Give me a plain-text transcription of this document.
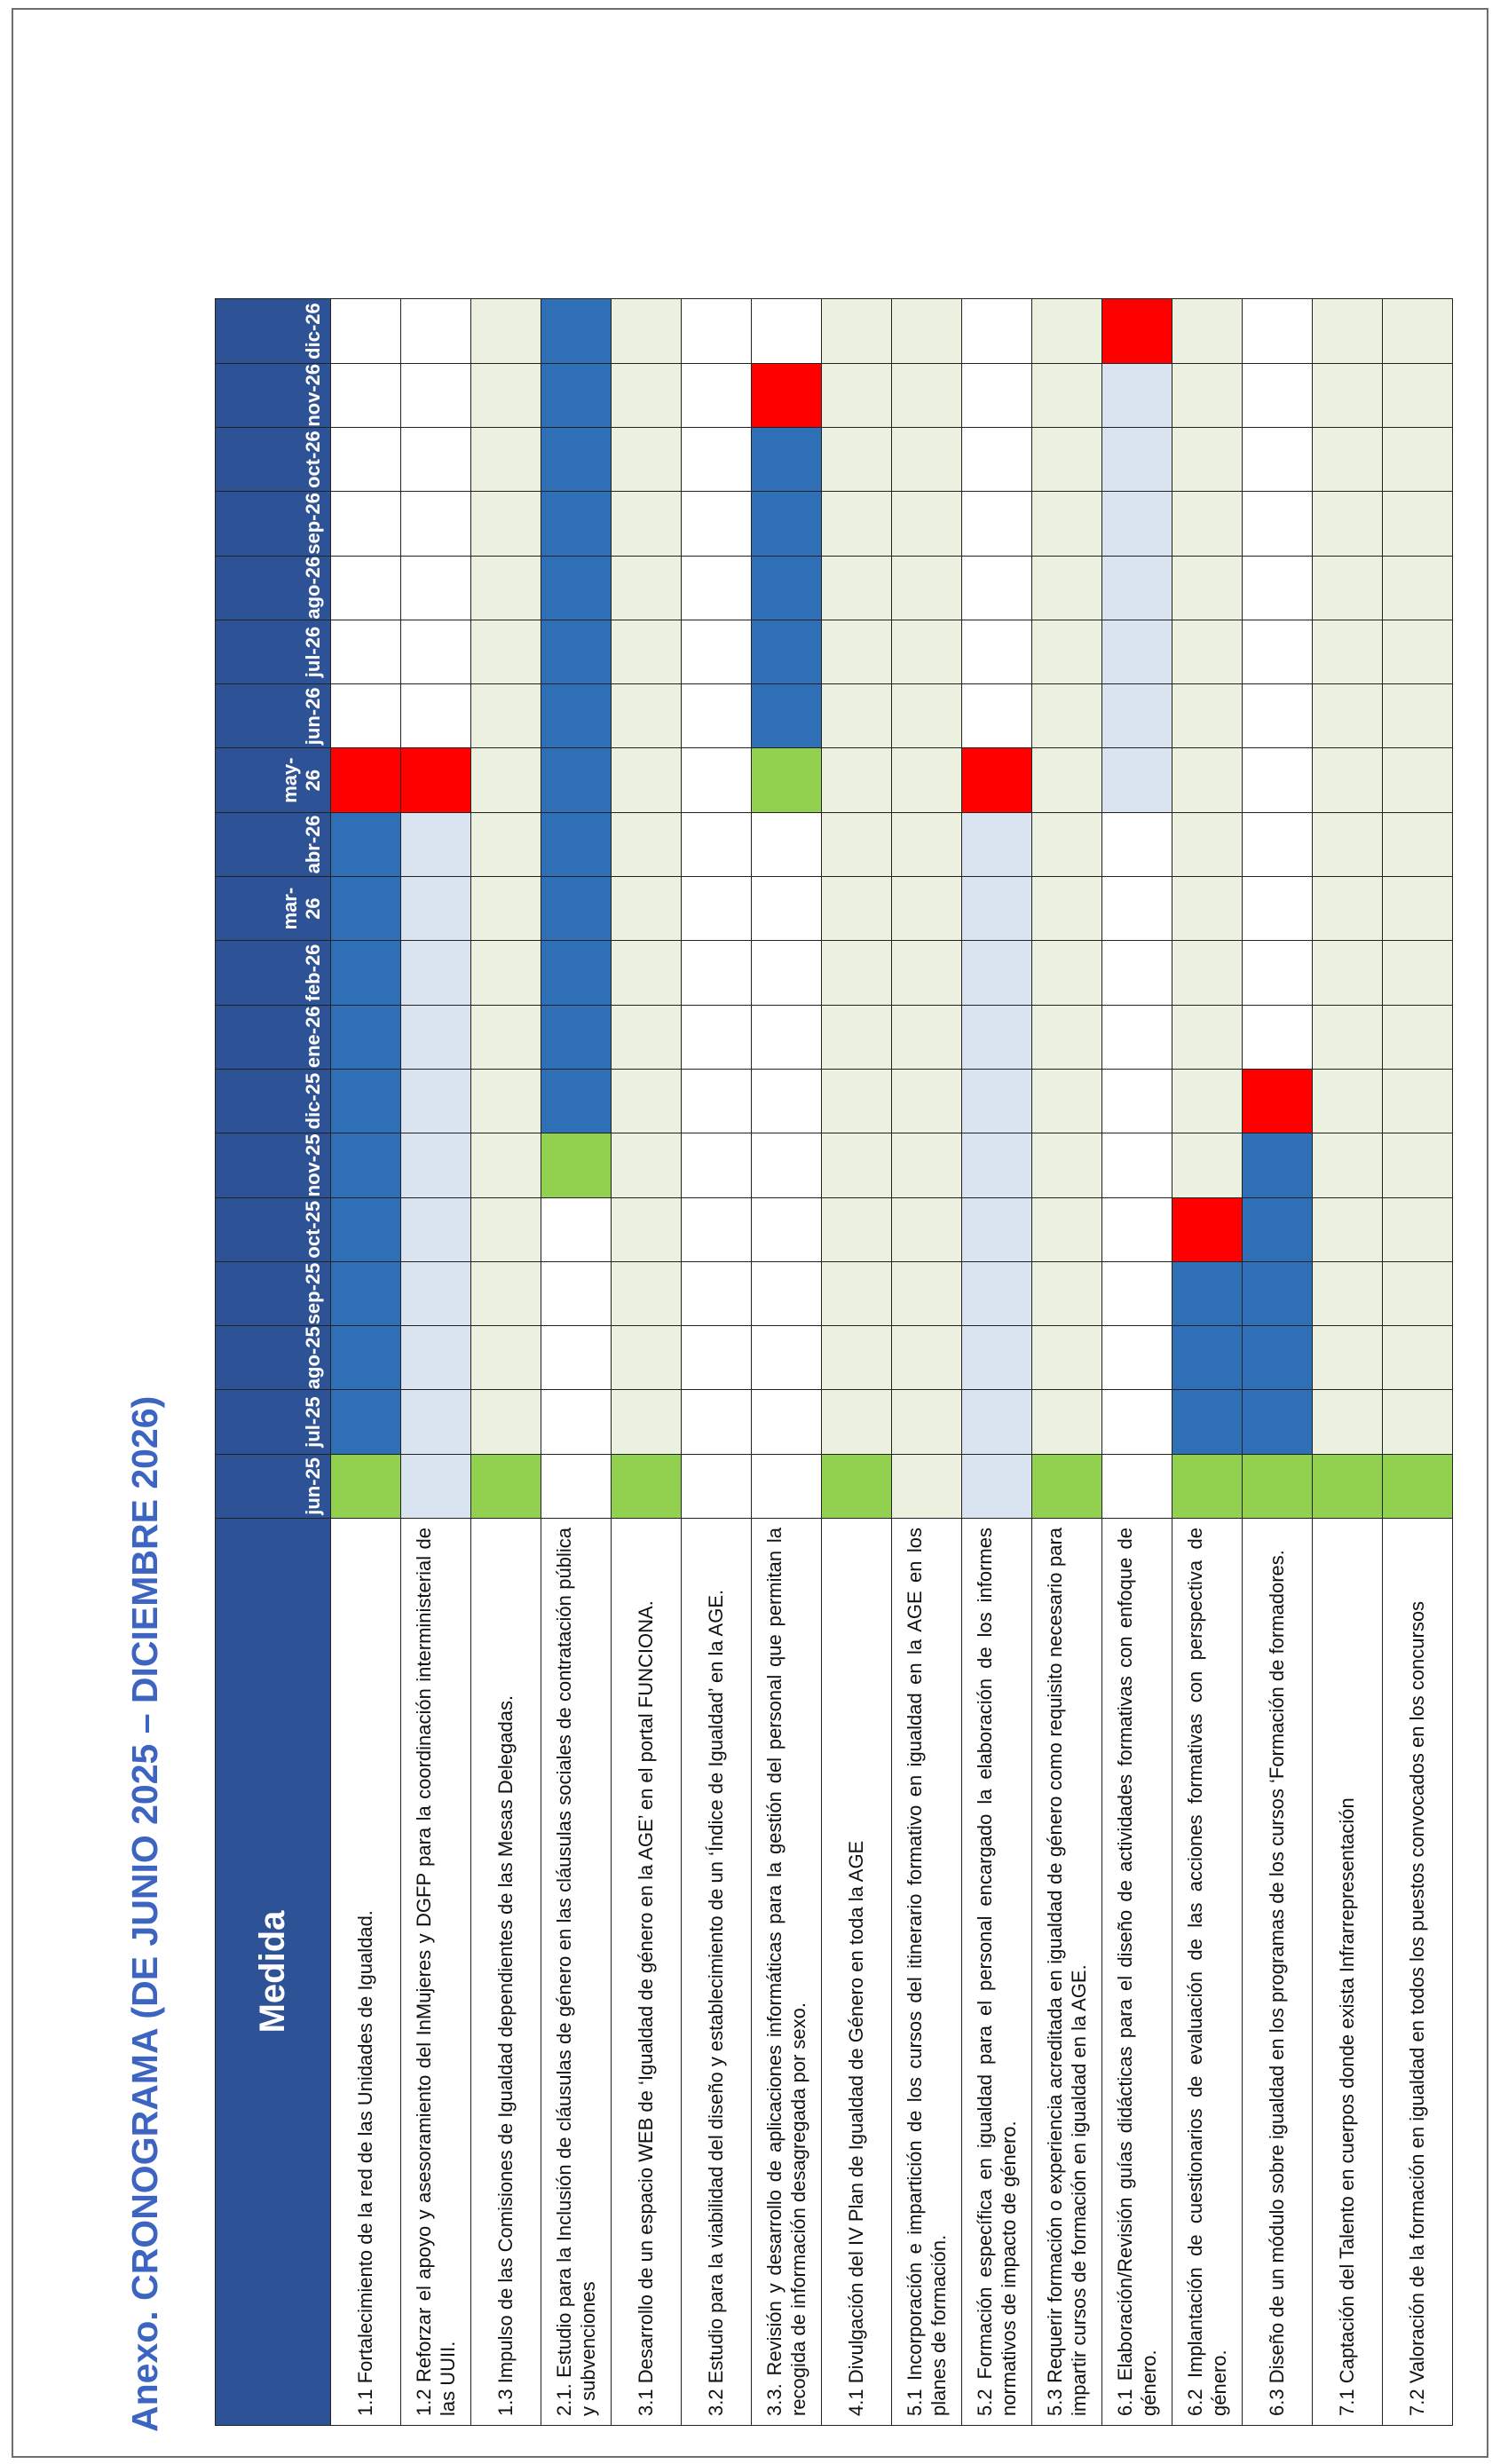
Anexo. CRONOGRAMA (DE JUNIO 2025 – DICIEMBRE 2026) Medida	jun-25	jul-25	ago-25	sep-25	oct-25	nov-25	dic-25	ene-26	feb-26	mar-26	abr-26	may-26	jun-26	jul-26	ago-26	sep-26	oct-26	nov-26	dic-26
1.1 Fortalecimiento de la red de las Unidades de Igualdad.																			
1.2 Reforzar el apoyo y asesoramiento del InMujeres y DGFP para la coordinación interministerial de las UUII.																			
1.3 Impulso de las Comisiones de Igualdad dependientes de las Mesas Delegadas.																			
2.1. Estudio para la Inclusión de cláusulas de género en las cláusulas sociales de contratación pública y subvenciones																			
3.1 Desarrollo de un espacio WEB de ‘Igualdad de género en la AGE’ en el portal FUNCIONA.																			
3.2 Estudio para la viabilidad del diseño y establecimiento de un ‘Índice de Igualdad’ en la AGE.																			
3.3. Revisión y desarrollo de aplicaciones informáticas para la gestión del personal que permitan la recogida de información desagregada por sexo.																			
4.1 Divulgación del IV Plan de Igualdad de Género en toda la AGE																			
5.1 Incorporación e impartición de los cursos del itinerario formativo en igualdad en la AGE en los planes de formación.																			
5.2 Formación específica en igualdad para el personal encargado la elaboración de los informes normativos de impacto de género.																			
5.3 Requerir formación o experiencia acreditada en igualdad de género como requisito necesario para impartir cursos de formación en igualdad en la AGE.																			
6.1 Elaboración/Revisión guías didácticas para el diseño de actividades formativas con enfoque de género.																			
6.2 Implantación de cuestionarios de evaluación de las acciones formativas con perspectiva de género.																			
6.3 Diseño de un módulo sobre igualdad en los programas de los cursos ‘Formación de formadores.																			
7.1 Captación del Talento en cuerpos donde exista Infrarrepresentación																			
7.2 Valoración de la formación en igualdad en todos los puestos convocados en los concursos																			
